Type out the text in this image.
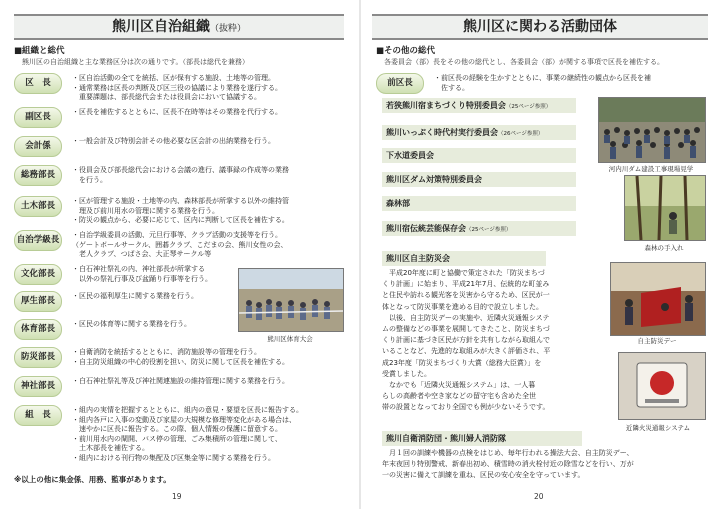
熊川区自治組織（抜粋）
■組織と総代
熊川区の自治組織と主な業務区分は次の通りです。（部長は総代を兼務）
区　長	・区自治活動の全てを統括、区が保有する施設、土地等の管理。
・通常業務は区長の判断及び区三役の協議により業務を遂行する。
　重要課題は、部長総代会または役員会において協議する。
副区長	・区長を補佐するとともに、区長不在時等はその業務を代行する。
会計係	・一般会計及び特別会計その他必要な区会計の出納業務を行う。
総務部長	・役員会及び部長総代会における会議の進行、議事録の作成等の業務
　を行う。
土木部長	・区が管理する施設・土地等の内、森林部長が所掌する以外の維持管
　理及び前川用水の管理に関する業務を行う。
・防災の観点から、必要に応じて、区内に判断して区長を補佐する。
自治学級長	・自治学級委員の活動、元旦行事等、クラブ活動の支援等を行う。
（ゲートボールサークル、囲碁クラブ、こだまの会、熊川女性の会、
　老人クラブ、つばさ会、大正琴サークル等
文化部長	・白石神社祭礼の内、神社部長が所掌する
　以外の祭礼行事及び盆踊り行事等を行う。
厚生部長	・区民の福利厚生に関する業務を行う。
体育部長	・区民の体育等に関する業務を行う。
防災部長	・自衛消防を統括するとともに、消防施設等の管理を行う。
・自主防災組織の中心的役割を担い、防災に関して区長を補佐する。
神社部長	・白石神社祭礼等及び神社関連施設の維持管理に関する業務を行う。
組　長	・組内の実情を把握するとともに、組内の意見・要望を区長に報告する。
・組内各戸に入事の変動及び家屋の大規模な修理等変化がある場合は、
　速やかに区長に報告する。この際、個人情報の保護に留意する。
・前川用水内の閘開、バス停の管理、ごみ集積所の管理に関して、
　土木部長を補佐する。
・組内における刊行物の集配及び区集金等に関する業務を行う。
熊川区体育大会
※以上の他に集金係、用務、監事があります。
19
熊川区に関わる活動団体
■その他の総代
各委員会（部）長をその他の総代とし、各委員会（部）が関する事項で区長を補佐する。
前区長	・前区長の経験を生かすとともに、事業の継続性の観点から区長を補
　佐する。
若狭熊川宿まちづくり特別委員会（25ページ参照）
熊川いっぷく時代村実行委員会（26ページ参照）
下水道委員会
熊川区ダム対策特別委員会
森林部
熊川宿伝統芸能保存会（25ページ参照）
河内川ダム建設工事現場見学
森林の手入れ
熊川区自主防災会
　平成20年度に町と協働で策定された「防災まちづ
くり計画」に始まり、平成21年7月、伝統的な町並み
と住民や訪れる観光客を災害から守るため、区民が一
体となって防災事業を進める目的で設立しました。
　以後、自主防災デーの実施や、近隣火災通報システ
ムの整備などの事業を展開してきたこと、防災まちづ
くり計画に基づき区民が方針を共有しながら取組んで
いることなど、先進的な取組みが大きく評価され、平
成23年度「防災まちづくり大賞（総務大臣賞）」を
受賞しました。
　なかでも「近隣火災通報システム」は、一人暮
らしの高齢者や空き家などの留守宅も含めた全世
帯の設置となっており全国でも例が少ないそうです。
自主防災デー
近隣火災通報システム
熊川自衛消防団・熊川婦人消防隊
　月１回の訓練や機器の点検をはじめ、毎年行われる操法大会、自主防災デー、
年末夜回り特別警戒、新春出初め、積雪時の消火栓付近の除雪などを行い、万が
一の災害に備えて訓練を重ね、区民の安心安全を守っています。
20
